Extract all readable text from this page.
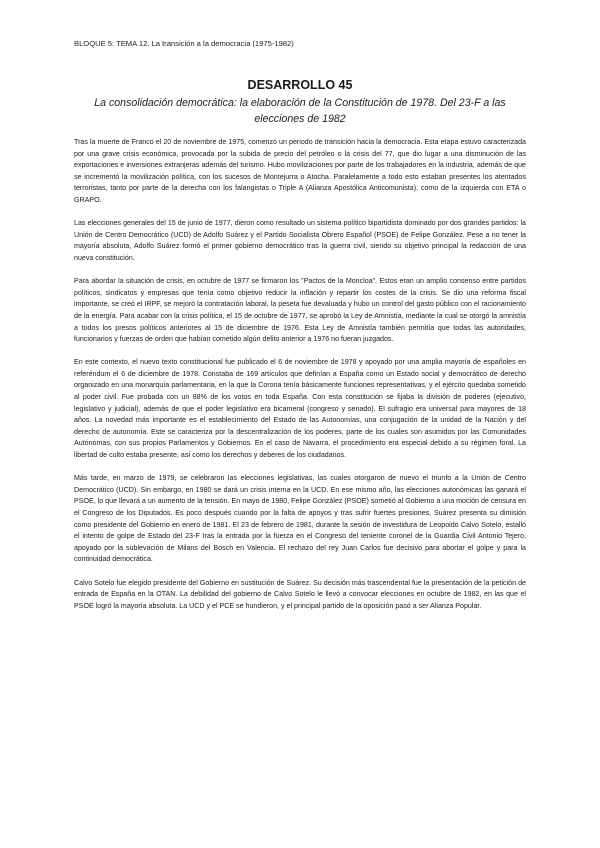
BLOQUE 5: TEMA 12. La transición a la democracia (1975-1982)
DESARROLLO 45

La consolidación democrática: la elaboración de la Constitución de 1978. Del 23-F a las elecciones de 1982

Tras la muerte de Franco el 20 de noviembre de 1975, comenzó un periodo de transición hacia la democracia. Esta etapa estuvo caracterizada por una grave crisis económica, provocada por la subida de precio del petróleo o la crisis del 77, que dio lugar a una disminución de las exportaciones e inversiones extranjeras además del turismo. Hubo movilizaciones por parte de los trabajadores en la industria, además de que se incrementó la movilización política, con los sucesos de Montejurra o Atocha. Paralelamente a todo esto estaban presentes los atentados terroristas, tanto por parte de la derecha con los falangistas o Triple A (Alianza Apostólica Anticomunista), como de la izquierda con ETA o GRAPO.

Las elecciones generales del 15 de junio de 1977, dieron como resultado un sistema político bipartidista dominado por dos grandes partidos: la Unión de Centro Democrático (UCD) de Adolfo Suárez y el Partido Socialista Obrero Español (PSOE) de Felipe González. Pese a no tener la mayoría absoluta, Adolfo Suárez formó el primer gobierno democrático tras la guerra civil, siendo su objetivo principal la redacción de una nueva constitución.

Para abordar la situación de crisis, en octubre de 1977 se firmaron los "Pactos de la Moncloa". Estos eran un amplio consenso entre partidos políticos, sindicatos y empresas que tenía como objetivo reducir la inflación y repartir los costes de la crisis. Se dio una reforma fiscal importante, se creó el IRPF, se mejoró la contratación laboral, la peseta fue devaluada y hubo un control del gasto público con el racionamiento de la energía. Para acabar con la crisis política, el 15 de octubre de 1977, se aprobó la Ley de Amnistía, mediante la cual se otorgó la amnistía a todos los presos políticos anteriores al 15 de diciembre de 1976. Esta Ley de Amnistía también permitía que todas las autoridades, funcionarios y fuerzas de orden que habían cometido algún delito anterior a 1976 no fueran juzgados.

En este contexto, el nuevo texto constitucional fue publicado el 6 de noviembre de 1978 y apoyado por una amplia mayoría de españoles en referéndum el 6 de diciembre de 1978. Constaba de 169 artículos que definían a España como un Estado social y democrático de derecho organizado en una monarquía parlamentaria, en la que la Corona tenía básicamente funciones representativas, y el ejército quedaba sometido al poder civil. Fue probada con un 88% de los votos en toda España. Con esta constitución se fijaba la división de poderes (ejecutivo, legislativo y judicial), además de que el poder legislativo era bicameral (congreso y senado). El sufragio era universal para mayores de 18 años. La novedad más importante es el establecimiento del Estado de las Autonomías, una conjugación de la unidad de la Nación y del derecho de autonomía. Este se caracteriza por la descentralización de los poderes, parte de los cuales son asumidos por las Comunidades Autónomas, con sus propios Parlamentos y Gobiernos. En el caso de Navarra, el procedimiento era especial debido a su régimen foral. La libertad de culto estaba presente, así como los derechos y deberes de los ciudadanos.

Más tarde, en marzo de 1979, se celebraron las elecciones legislativas, las cuales otorgaron de nuevo el triunfo a la Unión de Centro Democrático (UCD). Sin embargo, en 1980 se dará un crisis interna en la UCD. En ese mismo año, las elecciones autonómicas las ganará el PSOE, lo que llevará a un aumento de la tensión. En mayo de 1980, Felipe González (PSOE) sometió al Gobierno a una moción de censura en el Congreso de los Diputados. Es poco después cuando por la falta de apoyos y tras sufrir fuertes presiones, Suárez presenta su dimisión como presidente del Gobierno en enero de 1981. El 23 de febrero de 1981, durante la sesión de investidura de Leopoldo Calvo Sotelo, estalló el intento de golpe de Estado del 23-F tras la entrada por la fuerza en el Congreso del teniente coronel de la Guardia Civil Antonio Tejero, apoyado por la sublevación de Milans del Bosch en Valencia. El rechazo del rey Juan Carlos fue decisivo para abortar el golpe y para la continuidad democrática.

Calvo Sotelo fue elegido presidente del Gobierno en sustitución de Suárez. Su decisión más trascendental fue la presentación de la petición de entrada de España en la OTAN. La debilidad del gobierno de Calvo Sotelo le llevó a convocar elecciones en octubre de 1982, en las que el PSOE logró la mayoría absoluta. La UCD y el PCE se hundieron, y el principal partido de la oposición pasó a ser Alianza Popular.
